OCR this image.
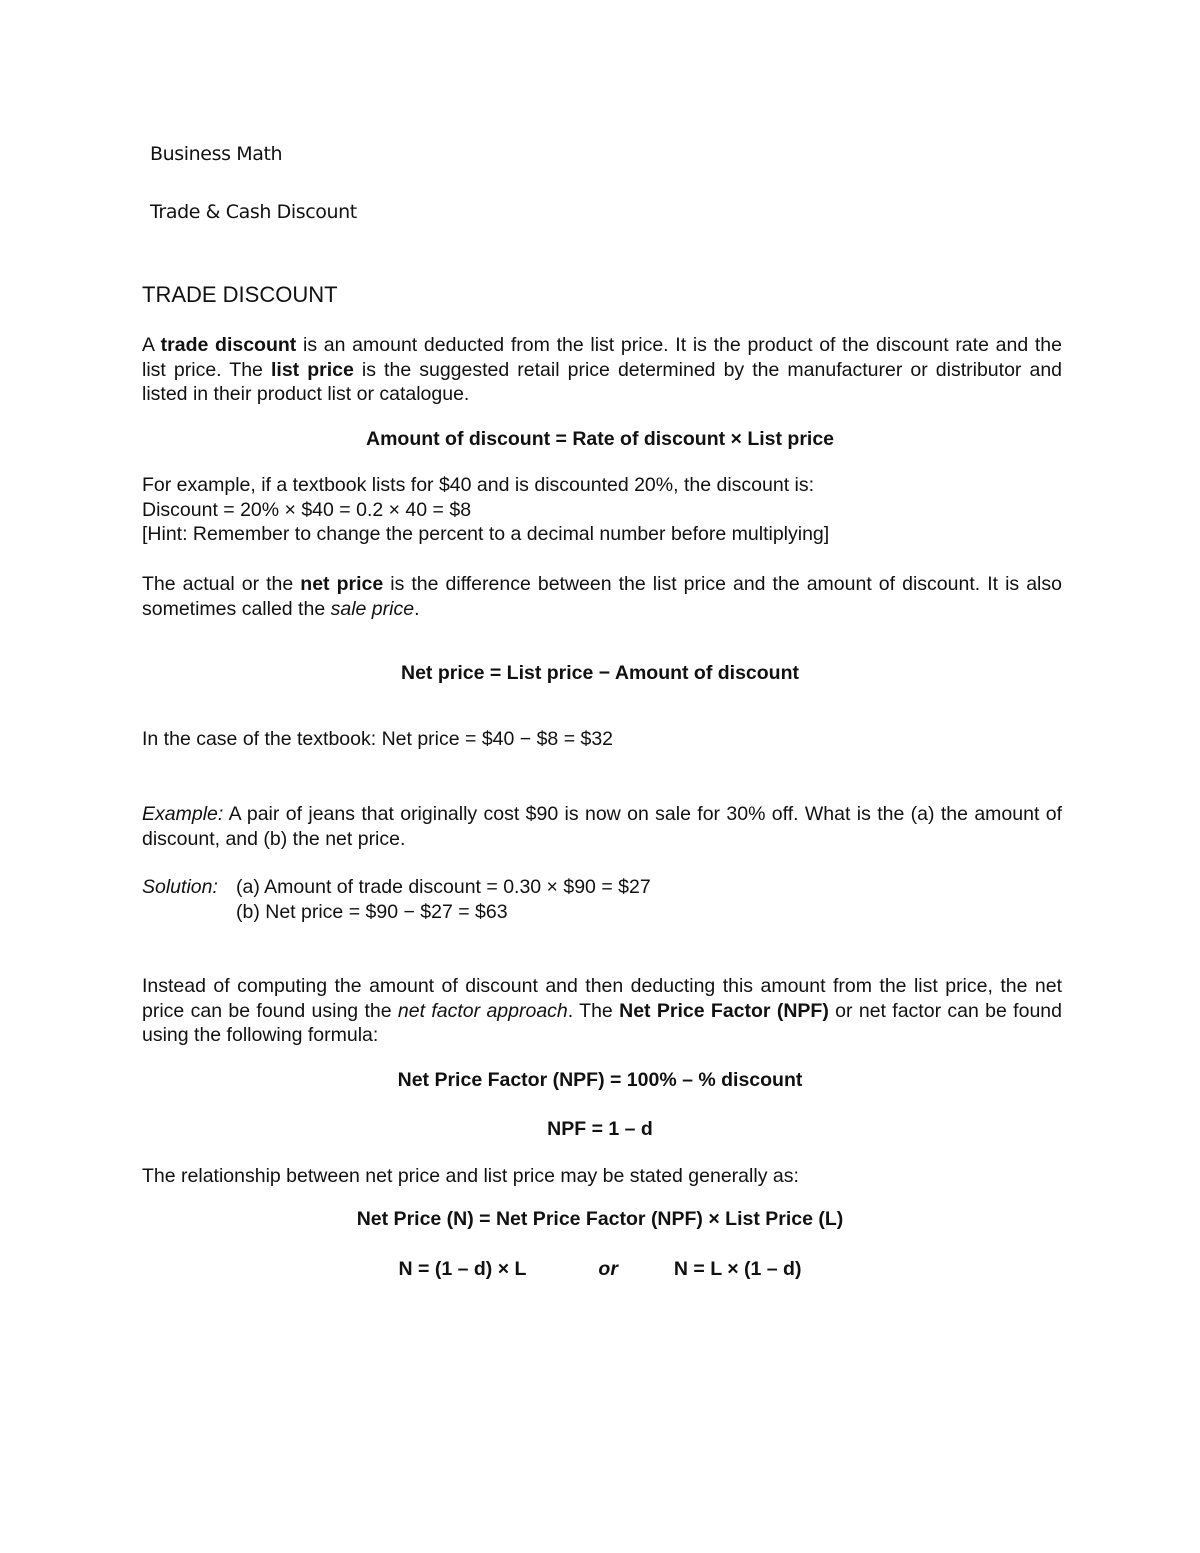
Business Math
Trade & Cash Discount
TRADE DISCOUNT

A trade discount is an amount deducted from the list price. It is the product of the discount rate and the list price. The list price is the suggested retail price determined by the manufacturer or distributor and listed in their product list or catalogue.

Amount of discount = Rate of discount × List price

For example, if a textbook lists for $40 and is discounted 20%, the discount is:
Discount = 20% × $40 = 0.2 × 40 = $8
[Hint: Remember to change the percent to a decimal number before multiplying]

The actual or the net price is the difference between the list price and the amount of discount. It is also sometimes called the sale price.

Net price = List price − Amount of discount

In the case of the textbook: Net price = $40 − $8 = $32

Example: A pair of jeans that originally cost $90 is now on sale for 30% off. What is the (a) the amount of discount, and (b) the net price.

Solution: (a) Amount of trade discount = 0.30 × $90 = $27
(b) Net price = $90 − $27 = $63

Instead of computing the amount of discount and then deducting this amount from the list price, the net price can be found using the net factor approach. The Net Price Factor (NPF) or net factor can be found using the following formula:

Net Price Factor (NPF) = 100% – % discount

NPF = 1 – d

The relationship between net price and list price may be stated generally as:

Net Price (N) = Net Price Factor (NPF) × List Price (L)

N = (1 – d) × L	or	N = L × (1 – d)
